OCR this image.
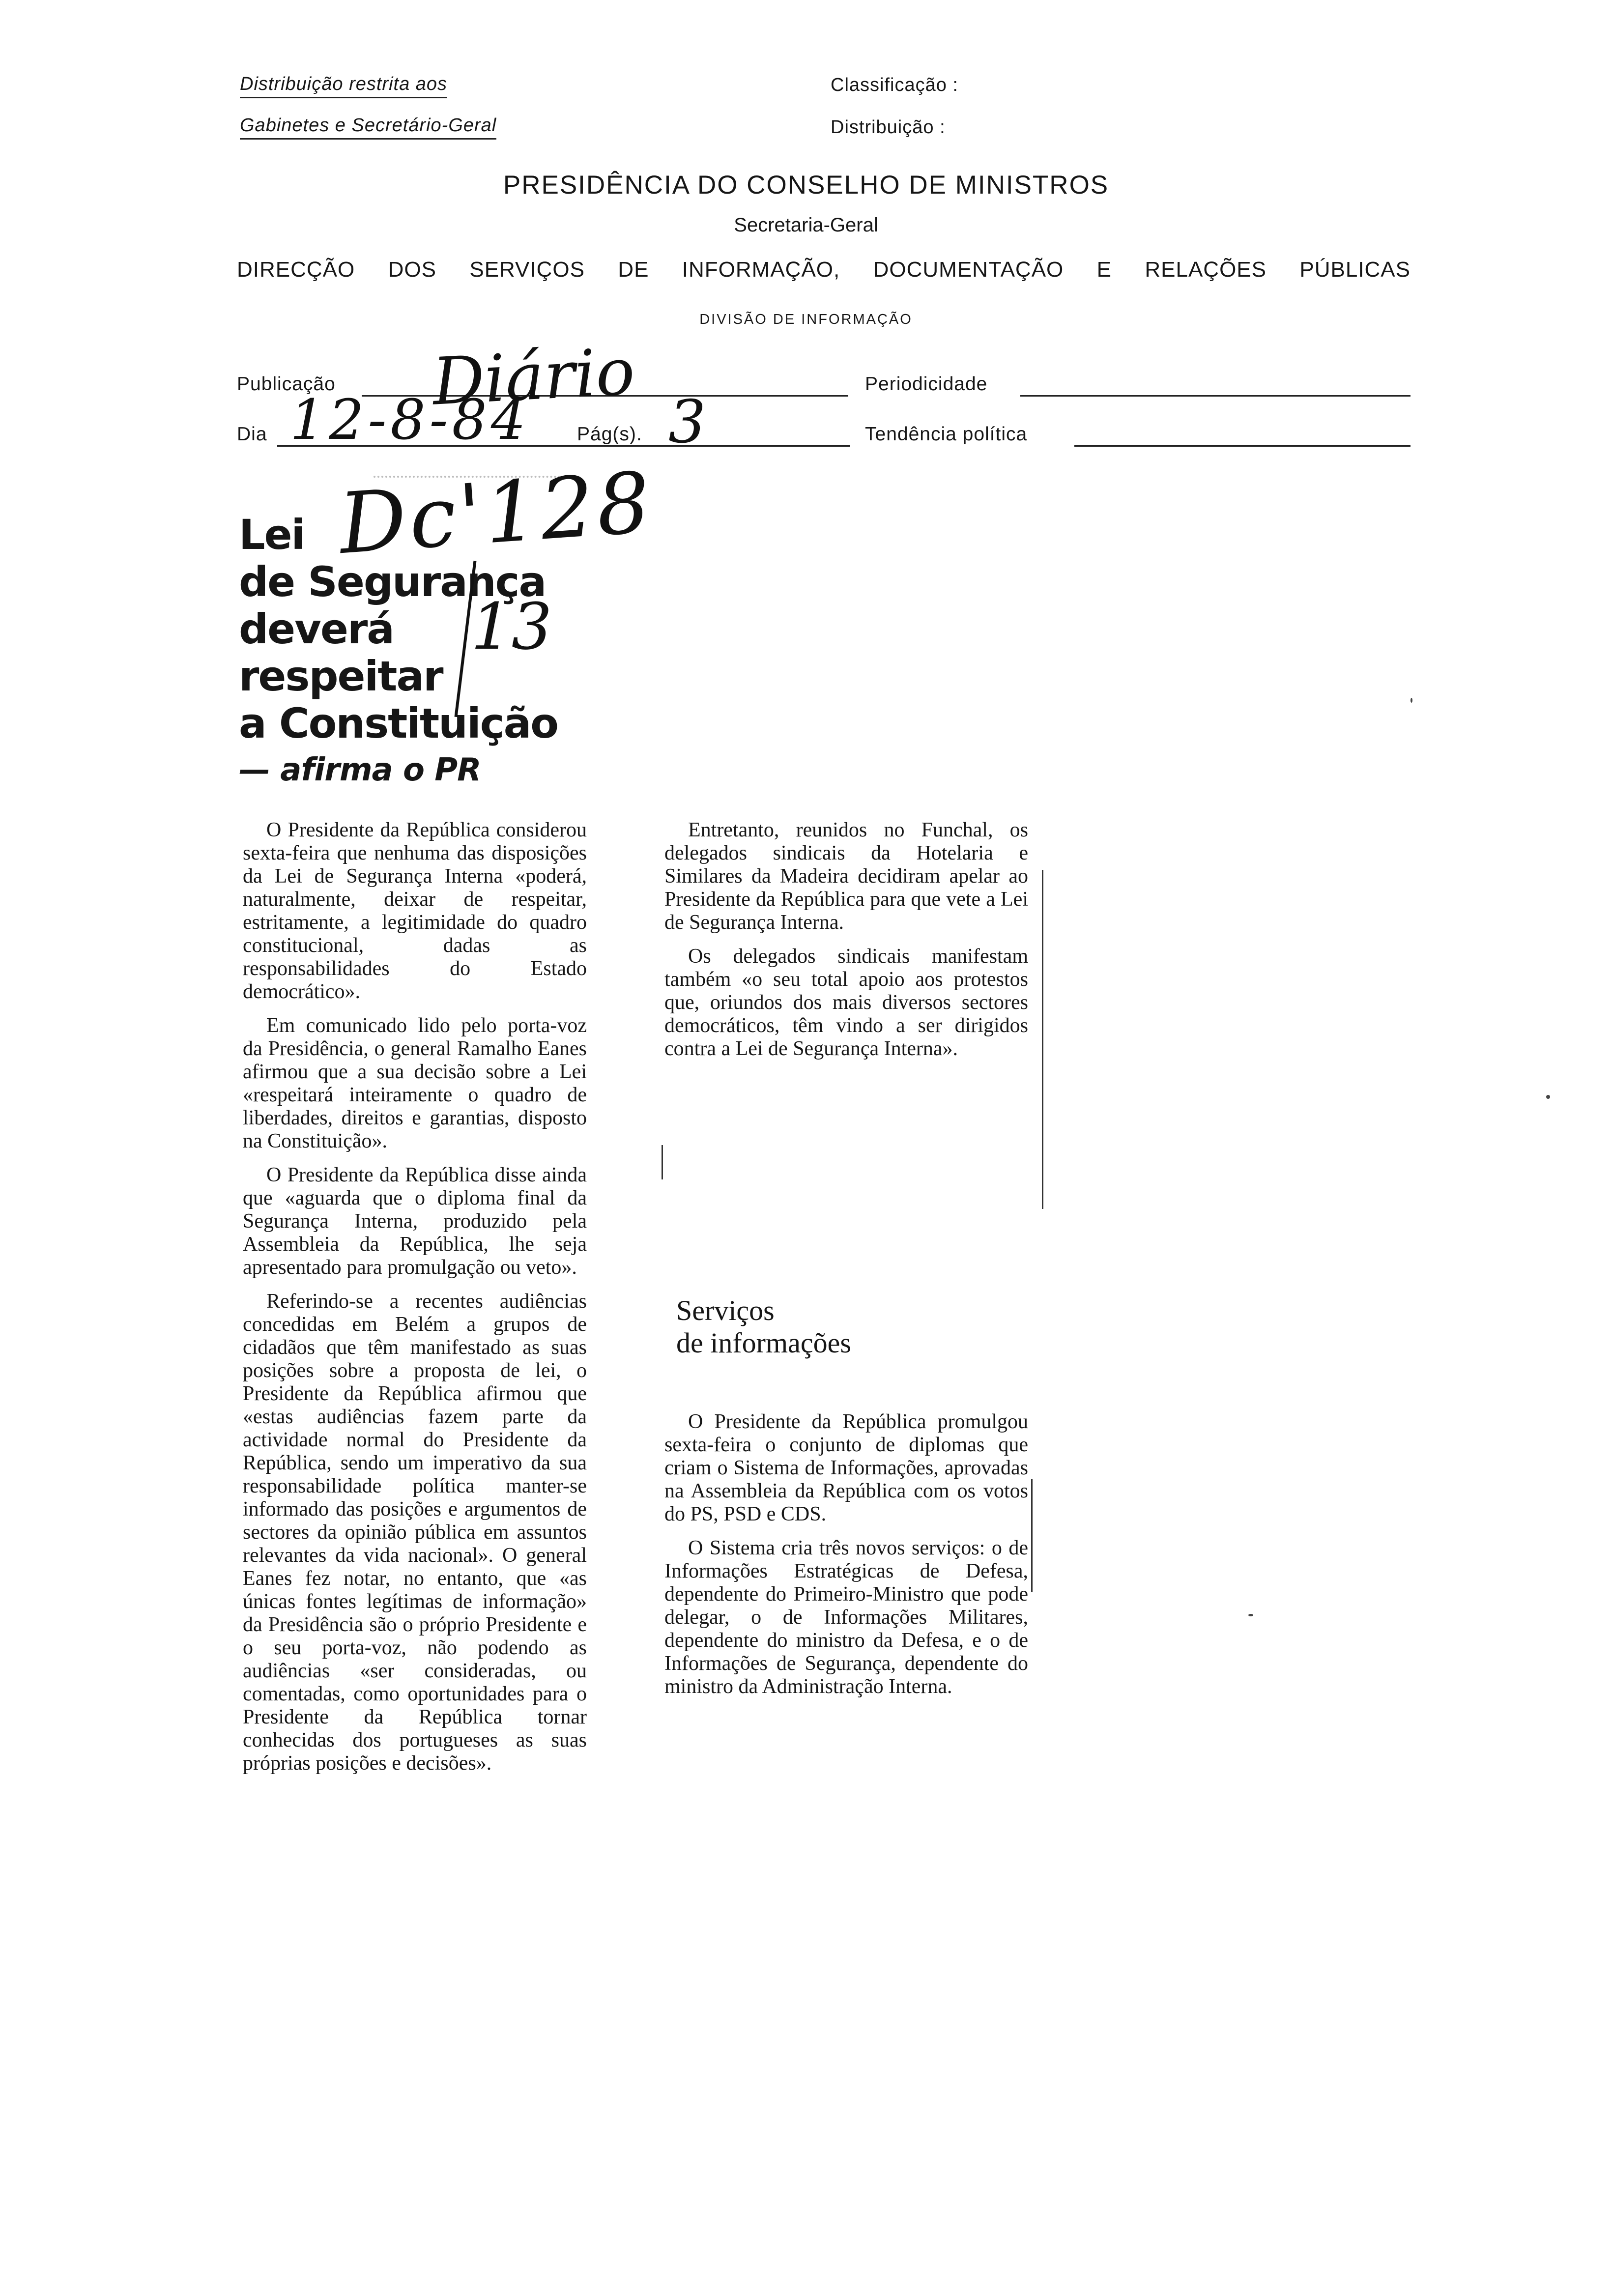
Distribuição restrita aos
Gabinetes e Secretário-Geral
Classificação :
Distribuição :
PRESIDÊNCIA DO CONSELHO DE MINISTROS
Secretaria-Geral
DIRECÇÃO DOS SERVIÇOS DE INFORMAÇÃO, DOCUMENTAÇÃO E RELAÇÕES PÚBLICAS
DIVISÃO DE INFORMAÇÃO
Publicação Diário	Periodicidade
Dia 12-8-84 Pág(s). 3	Tendência política
Lei
de Segurança
deverá
respeitar
a Constituição
— afirma o PR
Dc'128
13

O Presidente da República considerou sexta-feira que nenhuma das disposições da Lei de Segurança Interna «poderá, naturalmente, deixar de respeitar, estritamente, a legitimidade do quadro constitucional, dadas as responsabilidades do Estado democrático».

Em comunicado lido pelo porta-voz da Presidência, o general Ramalho Eanes afirmou que a sua decisão sobre a Lei «respeitará inteiramente o quadro de liberdades, direitos e garantias, disposto na Constituição».

O Presidente da República disse ainda que «aguarda que o diploma final da Segurança Interna, produzido pela Assembleia da República, lhe seja apresentado para promulgação ou veto».

Referindo-se a recentes audiências concedidas em Belém a grupos de cidadãos que têm manifestado as suas posições sobre a proposta de lei, o Presidente da República afirmou que «estas audiências fazem parte da actividade normal do Presidente da República, sendo um imperativo da sua responsabilidade política manter-se informado das posições e argumentos de sectores da opinião pública em assuntos relevantes da vida nacional». O general Eanes fez notar, no entanto, que «as únicas fontes legítimas de informação» da Presidência são o próprio Presidente e o seu porta-voz, não podendo as audiências «ser consideradas, ou comentadas, como oportunidades para o Presidente da República tornar conhecidas dos portugueses as suas próprias posições e decisões».

Entretanto, reunidos no Funchal, os delegados sindicais da Hotelaria e Similares da Madeira decidiram apelar ao Presidente da República para que vete a Lei de Segurança Interna.

Os delegados sindicais manifestam também «o seu total apoio aos protestos que, oriundos dos mais diversos sectores democráticos, têm vindo a ser dirigidos contra a Lei de Segurança Interna».

Serviços
de informações

O Presidente da República promulgou sexta-feira o conjunto de diplomas que criam o Sistema de Informações, aprovadas na Assembleia da República com os votos do PS, PSD e CDS.

O Sistema cria três novos serviços: o de Informações Estratégicas de Defesa, dependente do Primeiro-Ministro que pode delegar, o de Informações Militares, dependente do ministro da Defesa, e o de Informações de Segurança, dependente do ministro da Administração Interna.
